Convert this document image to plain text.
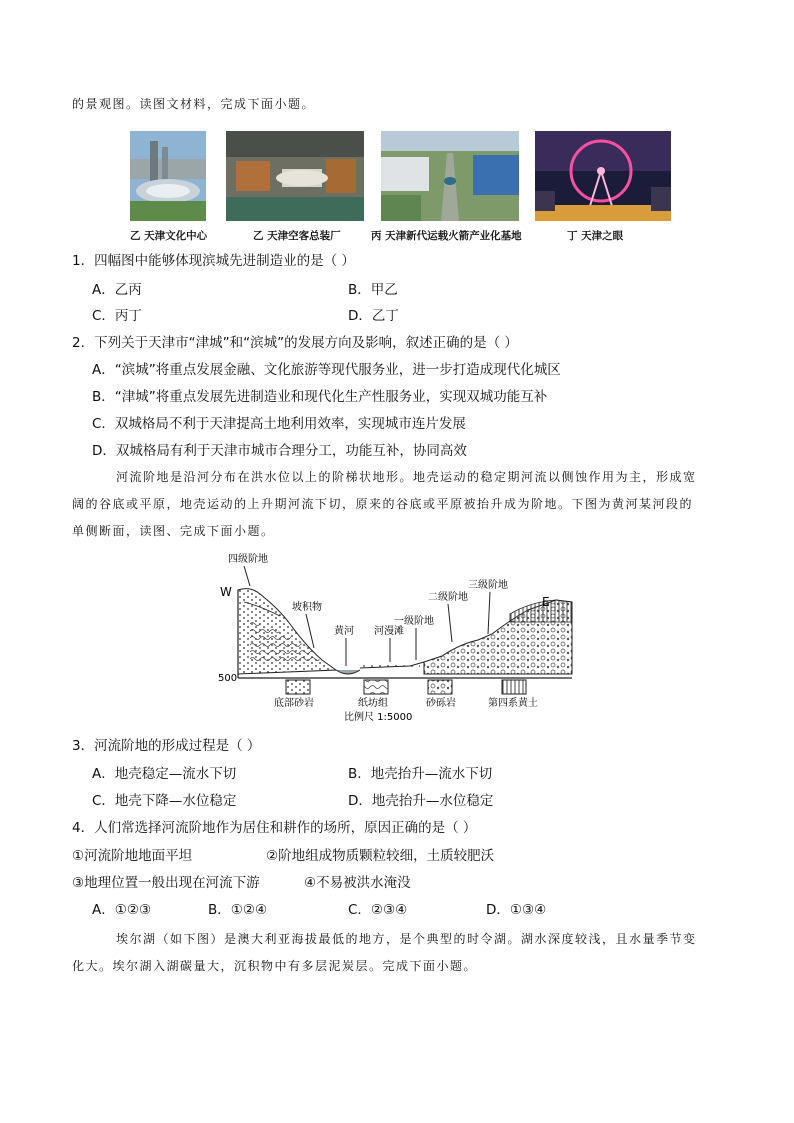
的景观图。读图文材料，完成下面小题。
乙 天津文化中心	乙 天津空客总装厂	丙 天津新代运载火箭产业化基地	丁 天津之眼
1．四幅图中能够体现滨城先进制造业的是（ ）
A．乙丙	B．甲乙
C．丙丁	D．乙丁
2．下列关于天津市“津城”和“滨城”的发展方向及影响，叙述正确的是（ ）
A．“滨城”将重点发展金融、文化旅游等现代服务业，进一步打造成现代化城区
B．“津城”将重点发展先进制造业和现代化生产性服务业，实现双城功能互补
C．双城格局不利于天津提高土地利用效率，实现城市连片发展
D．双城格局有利于天津市城市合理分工，功能互补，协同高效
河流阶地是沿河分布在洪水位以上的阶梯状地形。地壳运动的稳定期河流以侧蚀作用为主，形成宽
阔的谷底或平原，地壳运动的上升期河流下切，原来的谷底或平原被抬升成为阶地。下图为黄河某河段的
单侧断面，读图、完成下面小题。
四级阶地
W
E
三级阶地
二级阶地
一级阶地
坡积物
黄河 河漫滩
500
底部砂岩	纸坊组	砂砾岩	第四系黄土
比例尺 1:5000
3．河流阶地的形成过程是（ ）
A．地壳稳定—流水下切	B．地壳抬升—流水下切
C．地壳下降—水位稳定	D．地壳抬升—水位稳定
4．人们常选择河流阶地作为居住和耕作的场所，原因正确的是（ ）
①河流阶地地面平坦	②阶地组成物质颗粒较细，土质较肥沃
③地理位置一般出现在河流下游	④不易被洪水淹没
A．①②③	B．①②④	C．②③④	D．①③④
埃尔湖（如下图）是澳大利亚海拔最低的地方，是个典型的时令湖。湖水深度较浅，且水量季节变
化大。埃尔湖入湖碳量大，沉积物中有多层泥炭层。完成下面小题。
